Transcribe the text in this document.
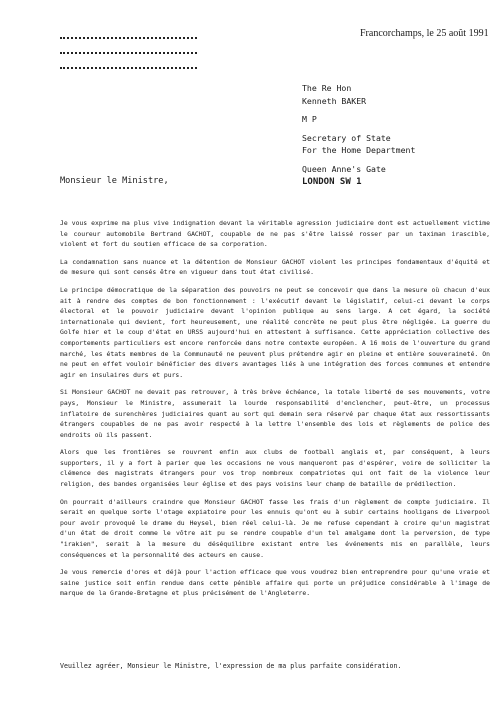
Francorchamps, le 25 août 1991
The Re Hon
Kenneth BAKER
M P
Secretary of State
For the Home Department
Queen Anne's Gate
LONDON SW 1
Monsieur le Ministre,

Je vous exprime ma plus vive indignation devant la véritable agression judiciaire dont est actuellement victime le coureur automobile Bertrand GACHOT, coupable de ne pas s'être laissé rosser par un taximan irascible, violent et fort du soutien efficace de sa corporation.

La condamnation sans nuance et la détention de Monsieur GACHOT violent les principes fondamentaux d'équité et de mesure qui sont censés être en vigueur dans tout état civilisé.

Le principe démocratique de la séparation des pouvoirs ne peut se concevoir que dans la mesure où chacun d'eux ait à rendre des comptes de bon fonctionnement : l'exécutif devant le législatif, celui-ci devant le corps électoral et le pouvoir judiciaire devant l'opinion publique au sens large. A cet égard, la société internationale qui devient, fort heureusement, une réalité concrète ne peut plus être négligée. La guerre du Golfe hier et le coup d'état en URSS aujourd'hui en attestent à suffisance. Cette appréciation collective des comportements particuliers est encore renforcée dans notre contexte européen. A 16 mois de l'ouverture du grand marché, les états membres de la Communauté ne peuvent plus prétendre agir en pleine et entière souveraineté. On ne peut en effet vouloir bénéficier des divers avantages liés à une intégration des forces communes et entendre agir en insulaires durs et purs.

Si Monsieur GACHOT ne devait pas retrouver, à très brève échéance, la totale liberté de ses mouvements, votre pays, Monsieur le Ministre, assumerait la lourde responsabilité d'enclencher, peut-être, un processus inflatoire de surenchères judiciaires quant au sort qui demain sera réservé par chaque état aux ressortissants étrangers coupables de ne pas avoir respecté à la lettre l'ensemble des lois et règlements de police des endroits où ils passent.

Alors que les frontières se rouvrent enfin aux clubs de football anglais et, par conséquent, à leurs supporters, il y a fort à parier que les occasions ne vous manqueront pas d'espérer, voire de solliciter la clémence des magistrats étrangers pour vos trop nombreux compatriotes qui ont fait de la violence leur religion, des bandes organisées leur église et des pays voisins leur champ de bataille de prédilection.

On pourrait d'ailleurs craindre que Monsieur GACHOT fasse les frais d'un règlement de compte judiciaire. Il serait en quelque sorte l'otage expiatoire pour les ennuis qu'ont eu à subir certains hooligans de Liverpool pour avoir provoqué le drame du Heysel, bien réel celui-là. Je me refuse cependant à croire qu'un magistrat d'un état de droit comme le vôtre ait pu se rendre coupable d'un tel amalgame dont la perversion, de type "irakien", serait à la mesure du déséquilibre existant entre les événements mis en parallèle, leurs conséquences et la personnalité des acteurs en cause.

Je vous remercie d'ores et déjà pour l'action efficace que vous voudrez bien entreprendre pour qu'une vraie et saine justice soit enfin rendue dans cette pénible affaire qui porte un préjudice considérable à l'image de marque de la Grande-Bretagne et plus précisément de l'Angleterre.

Veuillez agréer, Monsieur le Ministre, l'expression de ma plus parfaite considération.
